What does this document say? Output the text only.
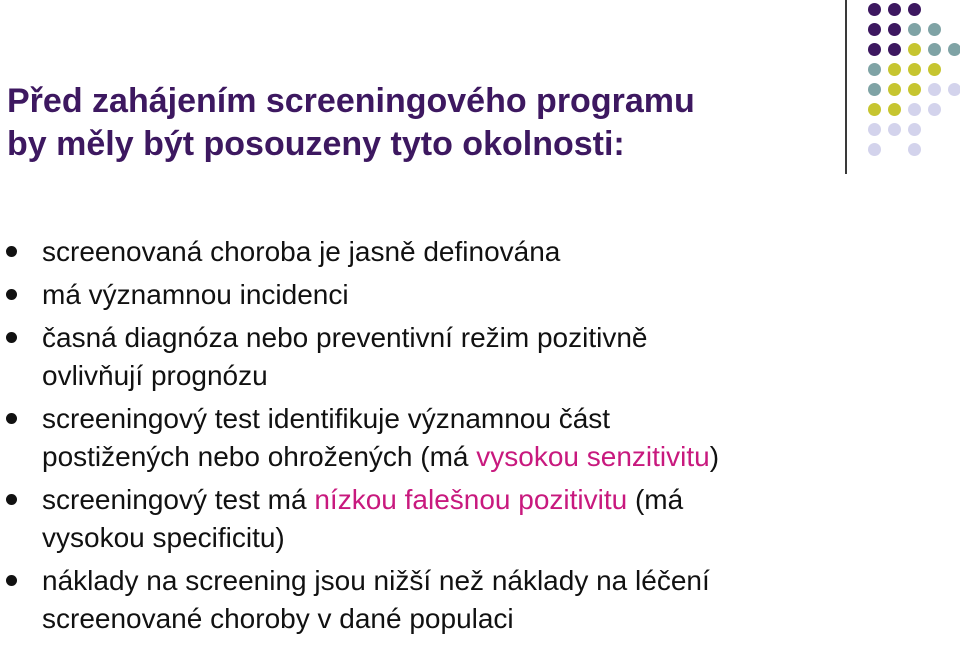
Před zahájením screeningového programu
by měly být posouzeny tyto okolnosti:
screenovaná choroba je jasně definována
má významnou incidenci
časná diagnóza nebo preventivní režim pozitivně
ovlivňují prognózu
screeningový test identifikuje významnou část
postižených nebo ohrožených (má vysokou senzitivitu)
screeningový test má nízkou falešnou pozitivitu (má
vysokou specificitu)
náklady na screening jsou nižší než náklady na léčení
screenované choroby v dané populaci
